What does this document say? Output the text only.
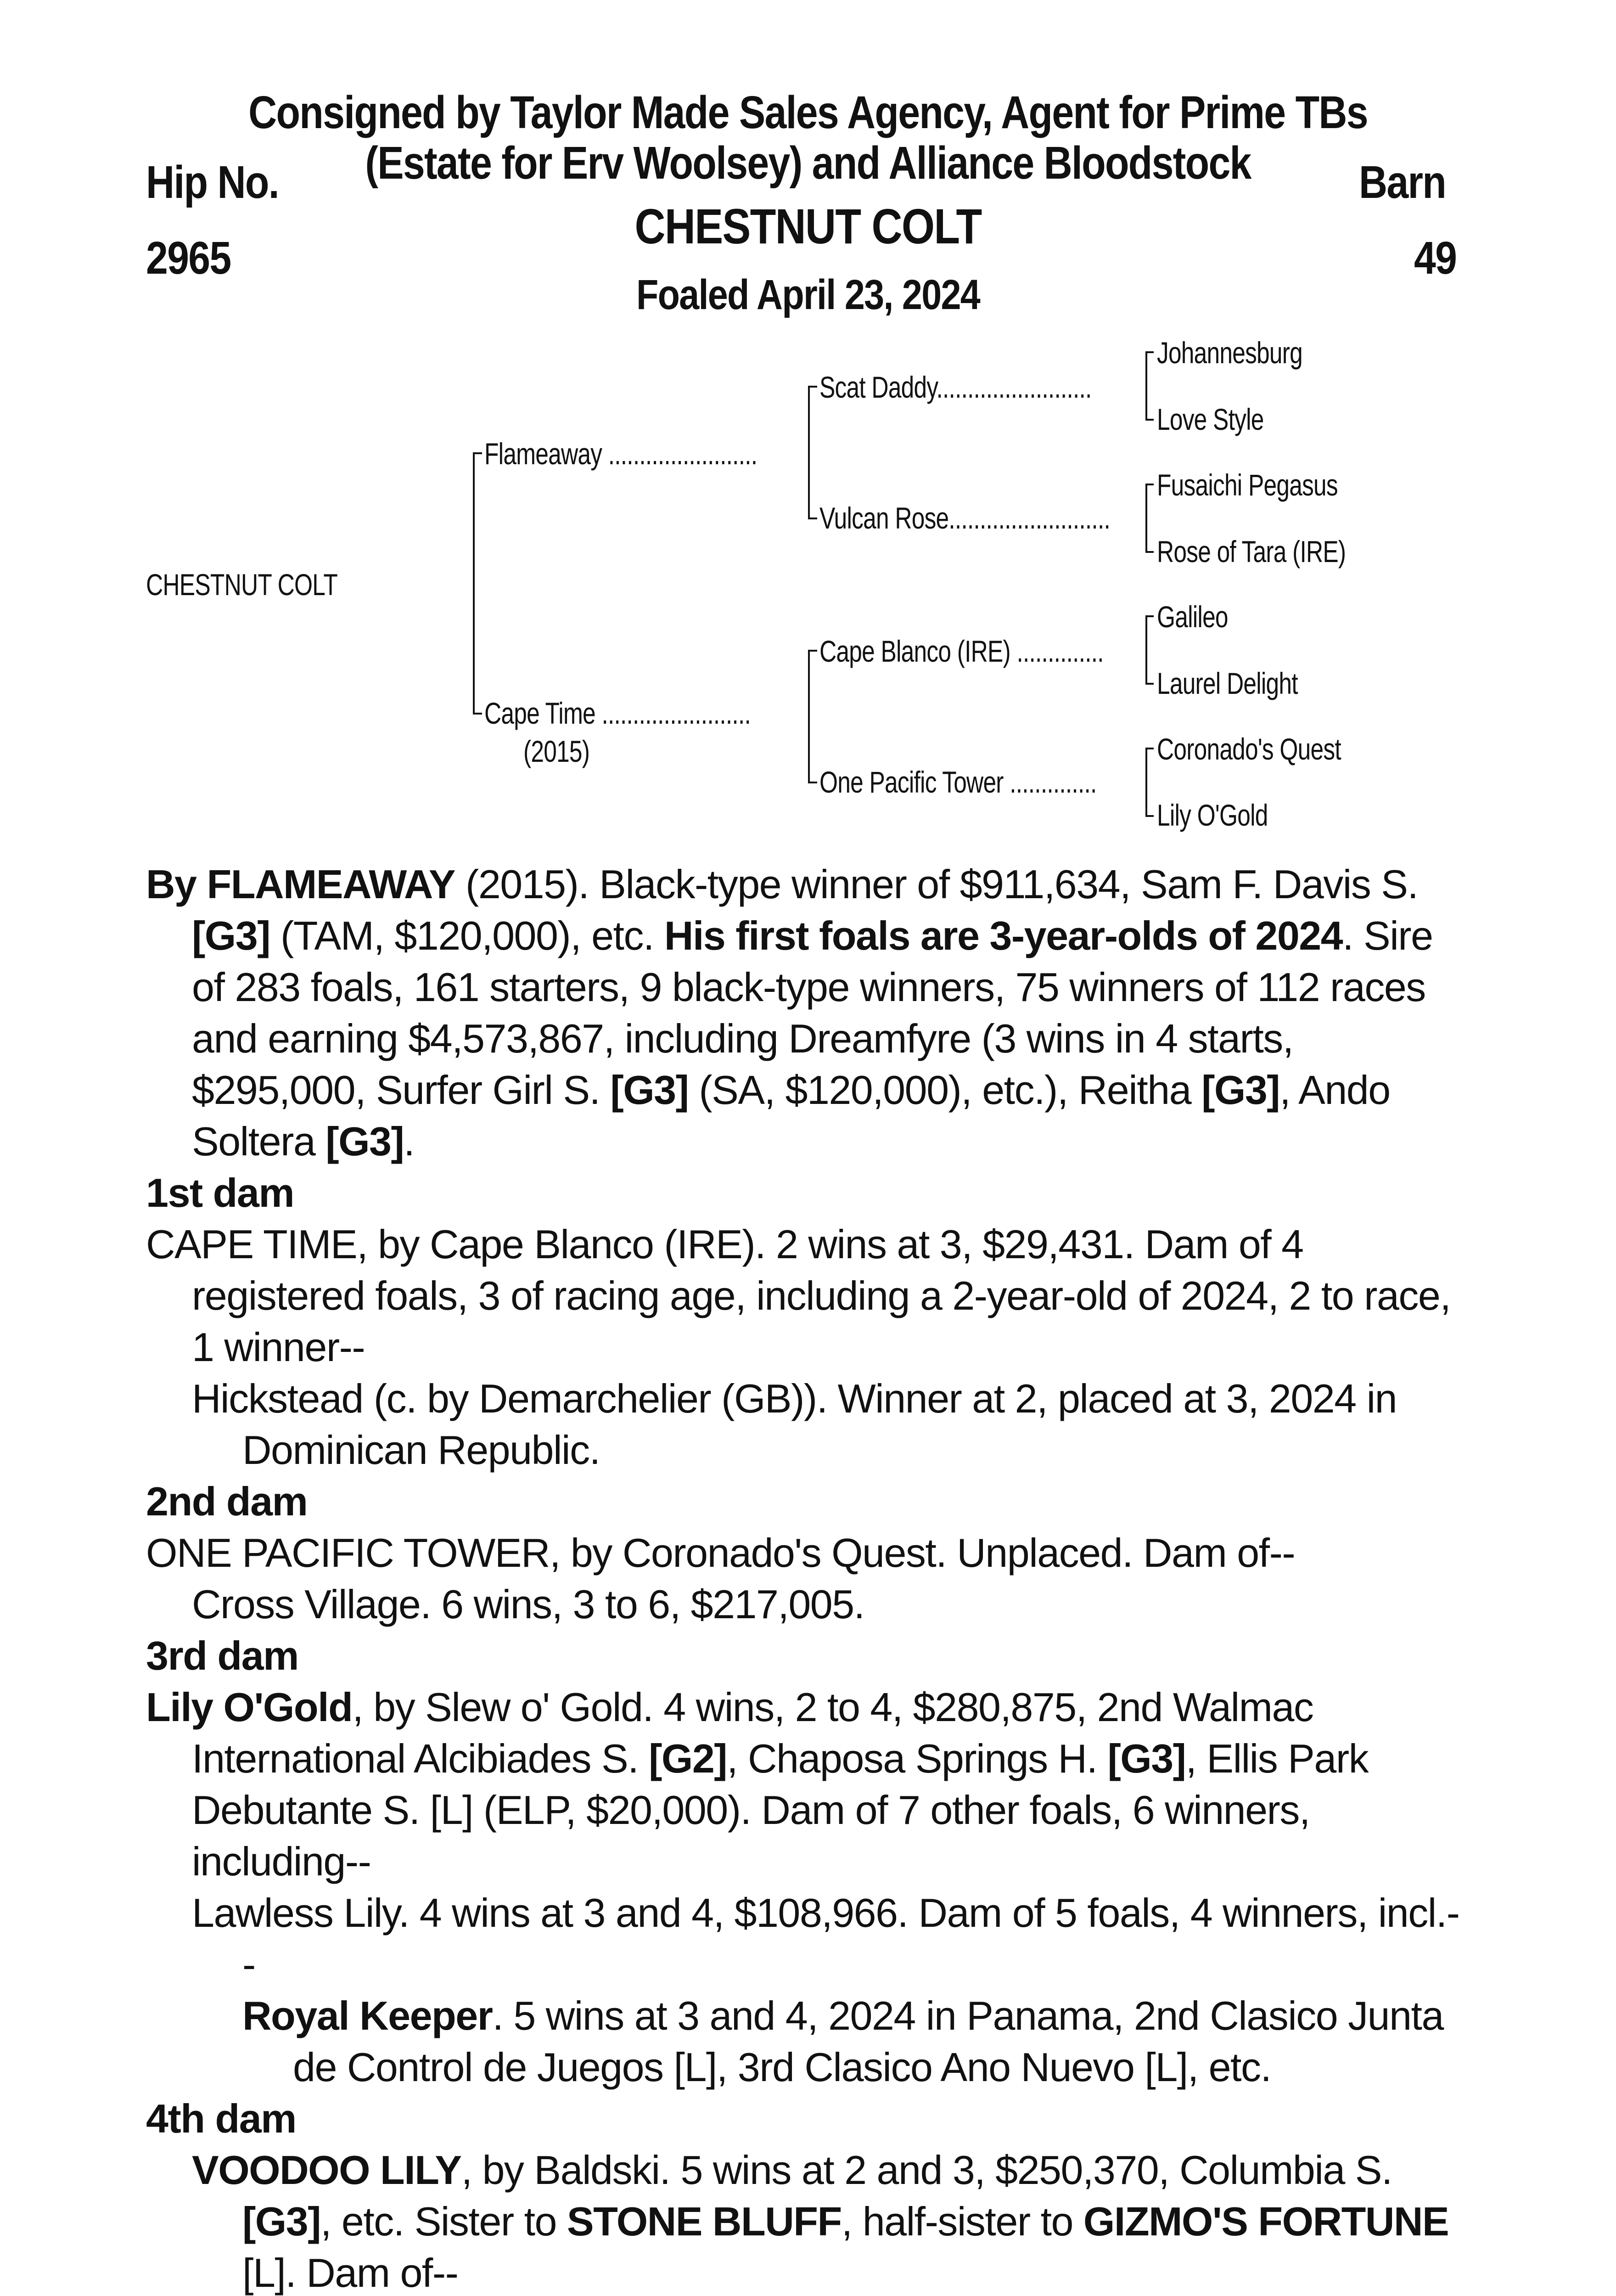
Consigned by Taylor Made Sales Agency, Agent for Prime TBs
(Estate for Erv Woolsey) and Alliance Bloodstock
Hip No.
2965
Barn
49
CHESTNUT COLT
Foaled April 23, 2024
CHESTNUT COLT
Flameaway ........................
Cape Time ........................
(2015)
Scat Daddy.........................
Vulcan Rose..........................
Cape Blanco (IRE) ..............
One Pacific Tower ..............
Johannesburg
Love Style
Fusaichi Pegasus
Rose of Tara (IRE)
Galileo
Laurel Delight
Coronado's Quest
Lily O'Gold

By FLAMEAWAY (2015). Black-type winner of $911,634, Sam F. Davis S. [G3] (TAM, $120,000), etc. His first foals are 3-year-olds of 2024. Sire of 283 foals, 161 starters, 9 black-type winners, 75 winners of 112 races and earning $4,573,867, including Dreamfyre (3 wins in 4 starts, $295,000, Surfer Girl S. [G3] (SA, $120,000), etc.), Reitha [G3], Ando Soltera [G3].

1st dam

CAPE TIME, by Cape Blanco (IRE). 2 wins at 3, $29,431. Dam of 4 registered foals, 3 of racing age, including a 2-year-old of 2024, 2 to race, 1 winner--

Hickstead (c. by Demarchelier (GB)). Winner at 2, placed at 3, 2024 in Dominican Republic.

2nd dam

ONE PACIFIC TOWER, by Coronado's Quest. Unplaced. Dam of--

Cross Village. 6 wins, 3 to 6, $217,005.

3rd dam

Lily O'Gold, by Slew o' Gold. 4 wins, 2 to 4, $280,875, 2nd Walmac International Alcibiades S. [G2], Chaposa Springs H. [G3], Ellis Park Debutante S. [L] (ELP, $20,000). Dam of 7 other foals, 6 winners, including--

Lawless Lily. 4 wins at 3 and 4, $108,966. Dam of 5 foals, 4 winners, incl.--

Royal Keeper. 5 wins at 3 and 4, 2024 in Panama, 2nd Clasico Junta de Control de Juegos [L], 3rd Clasico Ano Nuevo [L], etc.

4th dam

VOODOO LILY, by Baldski. 5 wins at 2 and 3, $250,370, Columbia S. [G3], etc. Sister to STONE BLUFF, half-sister to GIZMO'S FORTUNE [L]. Dam of--
